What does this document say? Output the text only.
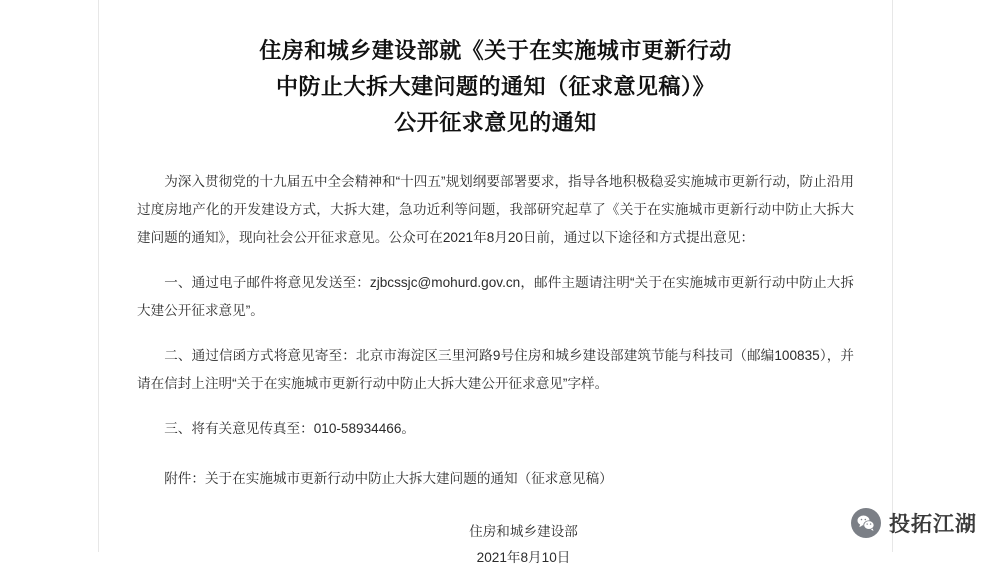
住房和城乡建设部就《关于在实施城市更新行动
中防止大拆大建问题的通知（征求意见稿）》
公开征求意见的通知

为深入贯彻党的十九届五中全会精神和“十四五”规划纲要部署要求，指导各地积极稳妥实施城市更新行动，防止沿用过度房地产化的开发建设方式，大拆大建，急功近利等问题，我部研究起草了《关于在实施城市更新行动中防止大拆大建问题的通知》，现向社会公开征求意见。公众可在2021年8月20日前，通过以下途径和方式提出意见：

一、通过电子邮件将意见发送至：zjbcssjc@mohurd.gov.cn，邮件主题请注明“关于在实施城市更新行动中防止大拆大建公开征求意见”。

二、通过信函方式将意见寄至：北京市海淀区三里河路9号住房和城乡建设部建筑节能与科技司（邮编100835），并请在信封上注明“关于在实施城市更新行动中防止大拆大建公开征求意见”字样。

三、将有关意见传真至：010-58934466。

附件：关于在实施城市更新行动中防止大拆大建问题的通知（征求意见稿）
住房和城乡建设部
2021年8月10日
投拓江湖
